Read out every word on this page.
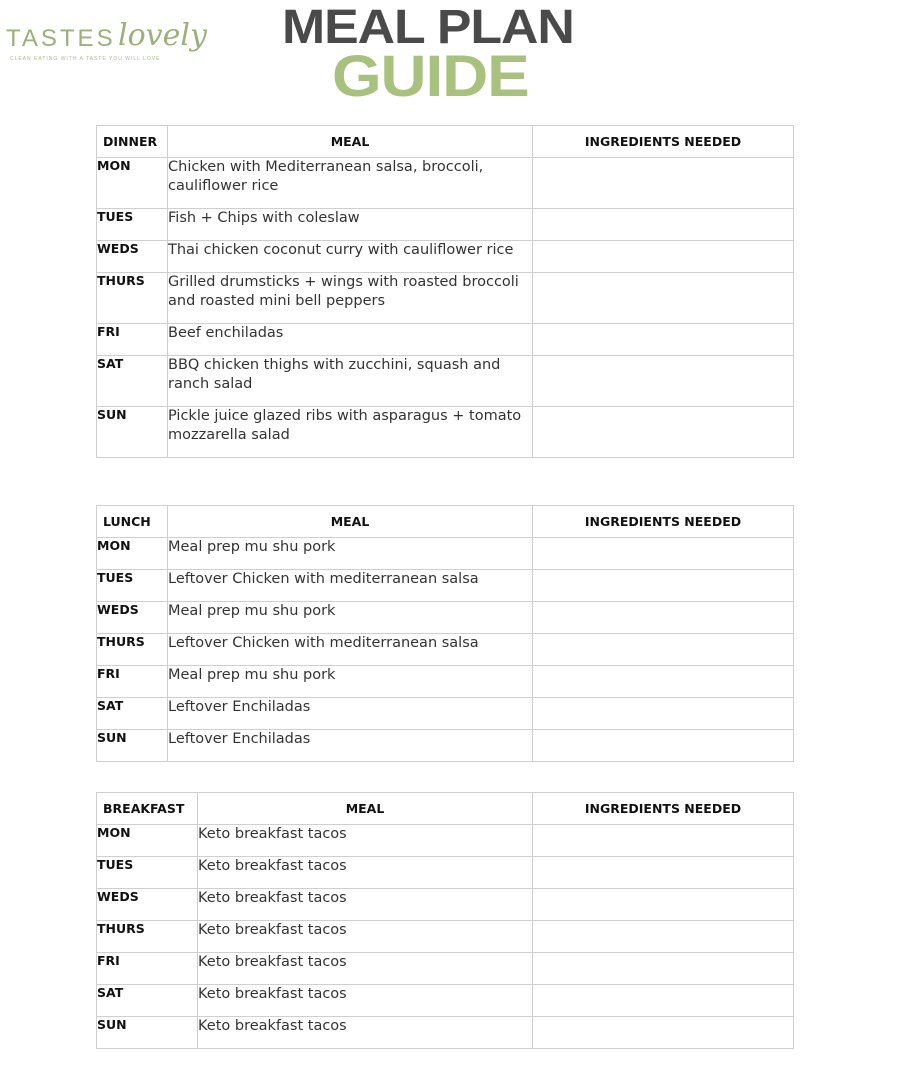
TASTES lovely
CLEAN EATING WITH A TASTE YOU WILL LOVE
MEAL PLAN
GUIDE
DINNER	MEAL	INGREDIENTS NEEDED
MON	Chicken with Mediterranean salsa, broccoli, cauliflower rice	
TUES	Fish + Chips with coleslaw	
WEDS	Thai chicken coconut curry with cauliflower rice	
THURS	Grilled drumsticks + wings with roasted broccoli and roasted mini bell peppers	
FRI	Beef enchiladas	
SAT	BBQ chicken thighs with zucchini, squash and ranch salad	
SUN	Pickle juice glazed ribs with asparagus + tomato mozzarella salad	
LUNCH	MEAL	INGREDIENTS NEEDED
MON	Meal prep mu shu pork	
TUES	Leftover Chicken with mediterranean salsa	
WEDS	Meal prep mu shu pork	
THURS	Leftover Chicken with mediterranean salsa	
FRI	Meal prep mu shu pork	
SAT	Leftover Enchiladas	
SUN	Leftover Enchiladas	
BREAKFAST	MEAL	INGREDIENTS NEEDED
MON	Keto breakfast tacos	
TUES	Keto breakfast tacos	
WEDS	Keto breakfast tacos	
THURS	Keto breakfast tacos	
FRI	Keto breakfast tacos	
SAT	Keto breakfast tacos	
SUN	Keto breakfast tacos	
